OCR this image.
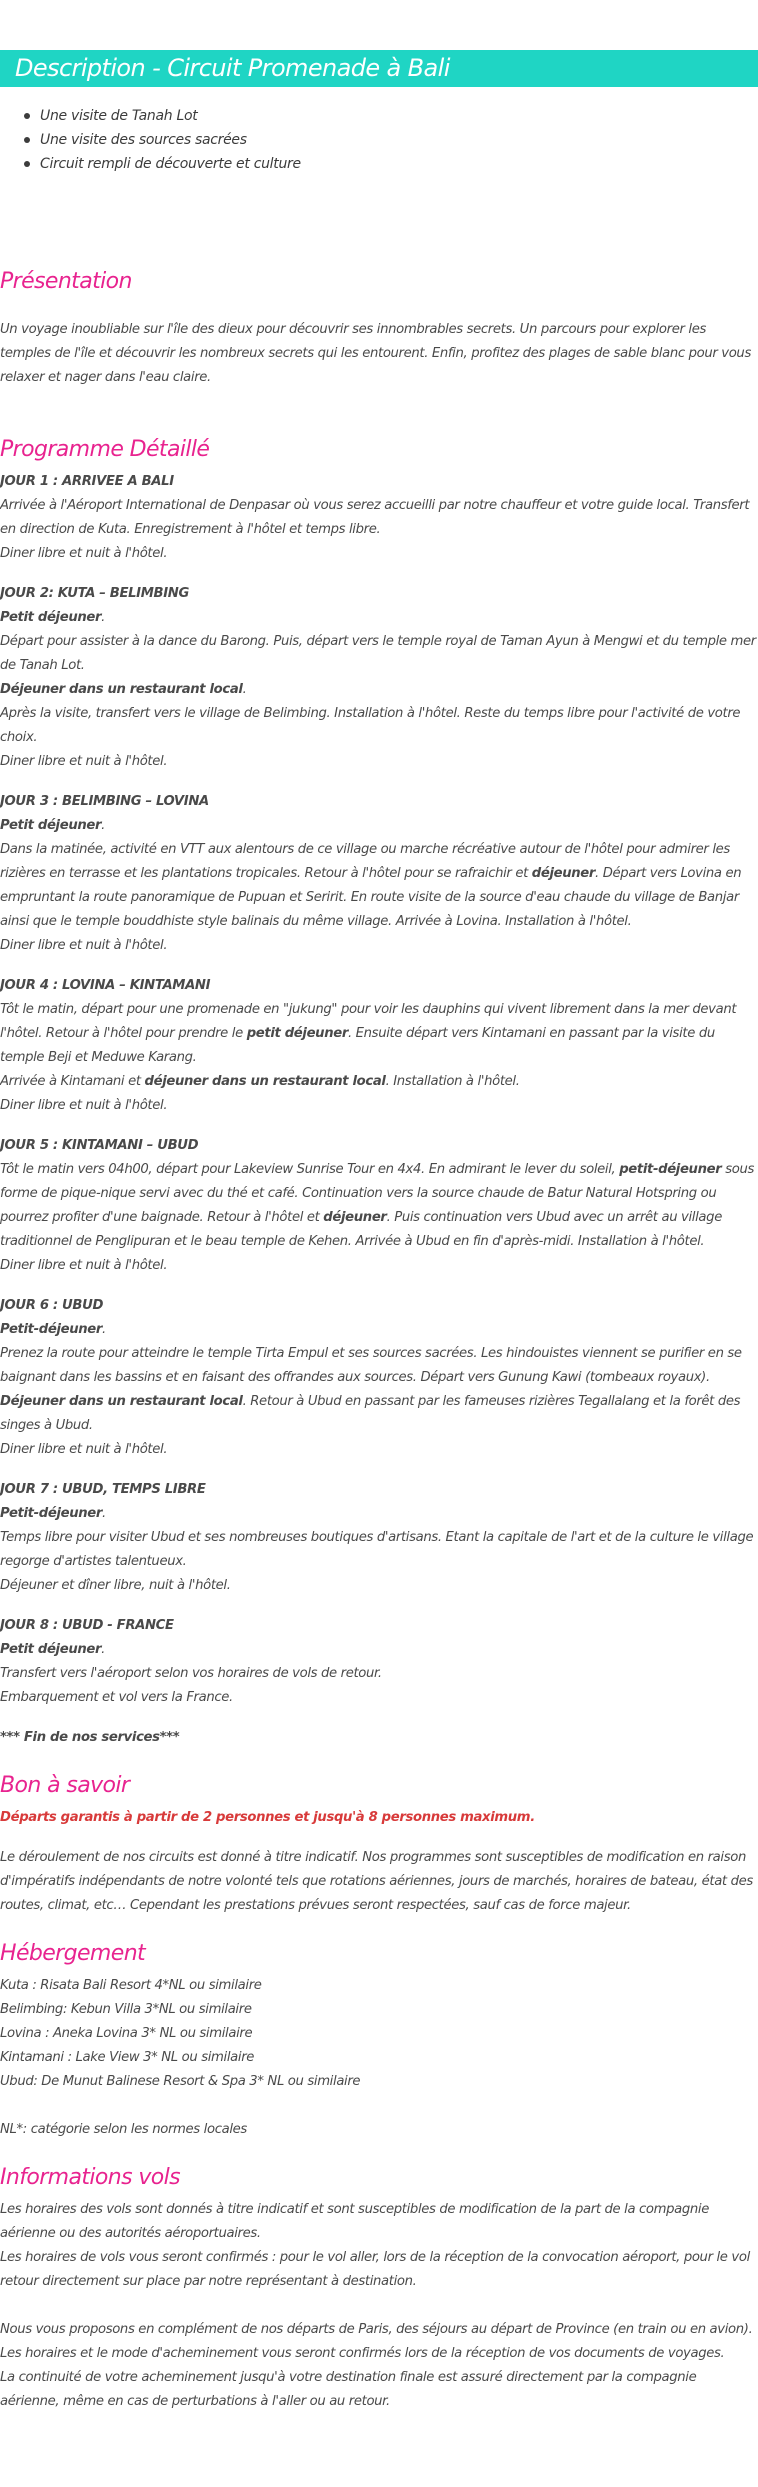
Description - Circuit Promenade à Bali
Une visite de Tanah Lot
Une visite des sources sacrées
Circuit rempli de découverte et culture
Présentation

Un voyage inoubliable sur l'île des dieux pour découvrir ses innombrables secrets. Un parcours pour explorer les temples de l'île et découvrir les nombreux secrets qui les entourent. Enfin, profitez des plages de sable blanc pour vous relaxer et nager dans l'eau claire.

Programme Détaillé

JOUR 1 : ARRIVEE A BALI

Arrivée à l'Aéroport International de Denpasar où vous serez accueilli par notre chauffeur et votre guide local. Transfert en direction de Kuta. Enregistrement à l'hôtel et temps libre.

Diner libre et nuit à l'hôtel.

JOUR 2: KUTA – BELIMBING

Petit déjeuner.

Départ pour assister à la dance du Barong. Puis, départ vers le temple royal de Taman Ayun à Mengwi et du temple mer de Tanah Lot.

Déjeuner dans un restaurant local.

Après la visite, transfert vers le village de Belimbing. Installation à l'hôtel. Reste du temps libre pour l'activité de votre choix.

Diner libre et nuit à l'hôtel.

JOUR 3 : BELIMBING – LOVINA

Petit déjeuner.

Dans la matinée, activité en VTT aux alentours de ce village ou marche récréative autour de l'hôtel pour admirer les rizières en terrasse et les plantations tropicales. Retour à l'hôtel pour se rafraichir et déjeuner. Départ vers Lovina en empruntant la route panoramique de Pupuan et Seririt. En route visite de la source d'eau chaude du village de Banjar ainsi que le temple bouddhiste style balinais du même village. Arrivée à Lovina. Installation à l'hôtel.

Diner libre et nuit à l'hôtel.

JOUR 4 : LOVINA – KINTAMANI

Tôt le matin, départ pour une promenade en "jukung" pour voir les dauphins qui vivent librement dans la mer devant l'hôtel. Retour à l'hôtel pour prendre le petit déjeuner. Ensuite départ vers Kintamani en passant par la visite du temple Beji et Meduwe Karang.

Arrivée à Kintamani et déjeuner dans un restaurant local. Installation à l'hôtel.

Diner libre et nuit à l'hôtel.

JOUR 5 : KINTAMANI – UBUD

Tôt le matin vers 04h00, départ pour Lakeview Sunrise Tour en 4x4. En admirant le lever du soleil, petit-déjeuner sous forme de pique-nique servi avec du thé et café. Continuation vers la source chaude de Batur Natural Hotspring ou pourrez profiter d'une baignade. Retour à l'hôtel et déjeuner. Puis continuation vers Ubud avec un arrêt au village traditionnel de Penglipuran et le beau temple de Kehen. Arrivée à Ubud en fin d'après-midi. Installation à l'hôtel.

Diner libre et nuit à l'hôtel.

JOUR 6 : UBUD

Petit-déjeuner.

Prenez la route pour atteindre le temple Tirta Empul et ses sources sacrées. Les hindouistes viennent se purifier en se baignant dans les bassins et en faisant des offrandes aux sources. Départ vers Gunung Kawi (tombeaux royaux).

Déjeuner dans un restaurant local. Retour à Ubud en passant par les fameuses rizières Tegallalang et la forêt des singes à Ubud.

Diner libre et nuit à l'hôtel.

JOUR 7 : UBUD, TEMPS LIBRE

Petit-déjeuner.

Temps libre pour visiter Ubud et ses nombreuses boutiques d'artisans. Etant la capitale de l'art et de la culture le village regorge d'artistes talentueux.

Déjeuner et dîner libre, nuit à l'hôtel.

JOUR 8 : UBUD - FRANCE

Petit déjeuner.

Transfert vers l'aéroport selon vos horaires de vols de retour.

Embarquement et vol vers la France.

*** Fin de nos services***

Bon à savoir

Départs garantis à partir de 2 personnes et jusqu'à 8 personnes maximum.

Le déroulement de nos circuits est donné à titre indicatif. Nos programmes sont susceptibles de modification en raison d'impératifs indépendants de notre volonté tels que rotations aériennes, jours de marchés, horaires de bateau, état des routes, climat, etc… Cependant les prestations prévues seront respectées, sauf cas de force majeur.

Hébergement

Kuta : Risata Bali Resort 4*NL ou similaire

Belimbing: Kebun Villa 3*NL ou similaire

Lovina : Aneka Lovina 3* NL ou similaire

Kintamani : Lake View 3* NL ou similaire

Ubud: De Munut Balinese Resort & Spa 3* NL ou similaire

NL*: catégorie selon les normes locales

Informations vols

Les horaires des vols sont donnés à titre indicatif et sont susceptibles de modification de la part de la compagnie aérienne ou des autorités aéroportuaires.

Les horaires de vols vous seront confirmés : pour le vol aller, lors de la réception de la convocation aéroport, pour le vol retour directement sur place par notre représentant à destination.

Nous vous proposons en complément de nos départs de Paris, des séjours au départ de Province (en train ou en avion).

Les horaires et le mode d'acheminement vous seront confirmés lors de la réception de vos documents de voyages.

La continuité de votre acheminement jusqu'à votre destination finale est assuré directement par la compagnie aérienne, même en cas de perturbations à l'aller ou au retour.
